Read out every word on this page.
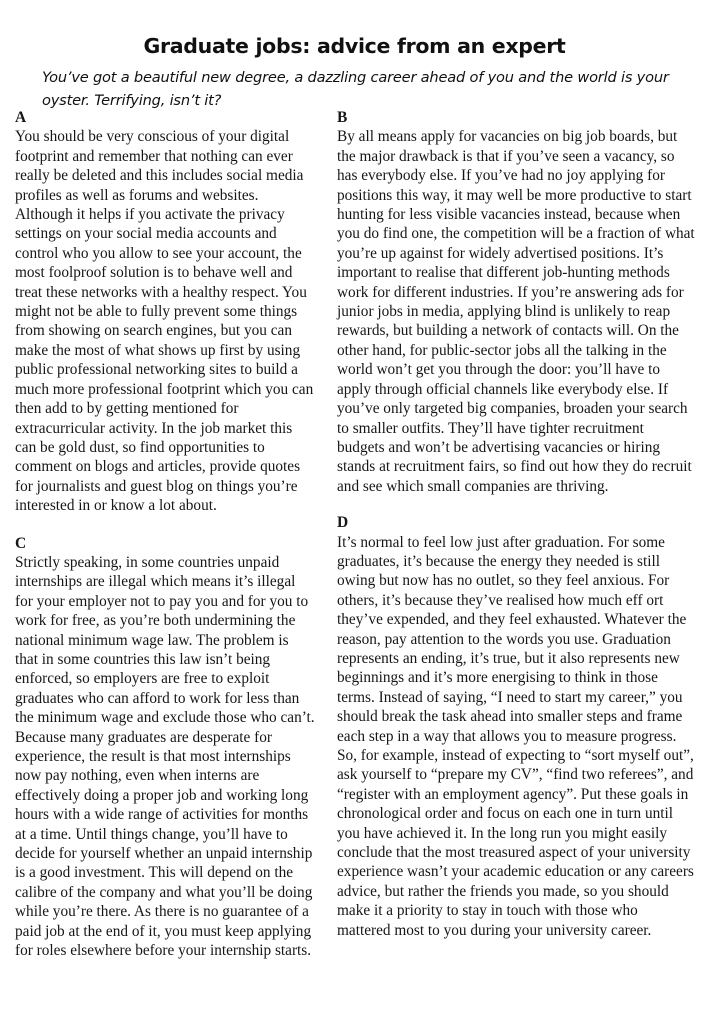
Graduate jobs: advice from an expert

You’ve got a beautiful new degree, a dazzling career ahead of you and the world is your oyster. Terrifying, isn’t it?

A

You should be very conscious of your digital footprint and remember that nothing can ever really be deleted and this includes social media profiles as well as forums and websites. Although it helps if you activate the privacy settings on your social media accounts and control who you allow to see your account, the most foolproof solution is to behave well and treat these networks with a healthy respect. You might not be able to fully prevent some things from showing on search engines, but you can make the most of what shows up first by using public professional networking sites to build a much more professional footprint which you can then add to by getting mentioned for extracurricular activity. In the job market this can be gold dust, so find opportunities to comment on blogs and articles, provide quotes for journalists and guest blog on things you’re interested in or know a lot about.

C

Strictly speaking, in some countries unpaid internships are illegal which means it’s illegal for your employer not to pay you and for you to work for free, as you’re both undermining the national minimum wage law. The problem is that in some countries this law isn’t being enforced, so employers are free to exploit graduates who can afford to work for less than the minimum wage and exclude those who can’t. Because many graduates are desperate for experience, the result is that most internships now pay nothing, even when interns are effectively doing a proper job and working long hours with a wide range of activities for months at a time. Until things change, you’ll have to decide for yourself whether an unpaid internship is a good investment. This will depend on the calibre of the company and what you’ll be doing while you’re there. As there is no guarantee of a paid job at the end of it, you must keep applying for roles elsewhere before your internship starts.

B

By all means apply for vacancies on big job boards, but the major drawback is that if you’ve seen a vacancy, so has everybody else. If you’ve had no joy applying for positions this way, it may well be more productive to start hunting for less visible vacancies instead, because when you do find one, the competition will be a fraction of what you’re up against for widely advertised positions. It’s important to realise that different job-hunting methods work for different industries. If you’re answering ads for junior jobs in media, applying blind is unlikely to reap rewards, but building a network of contacts will. On the other hand, for public-sector jobs all the talking in the world won’t get you through the door: you’ll have to apply through official channels like everybody else. If you’ve only targeted big companies, broaden your search to smaller outfits. They’ll have tighter recruitment budgets and won’t be advertising vacancies or hiring stands at recruitment fairs, so find out how they do recruit and see which small companies are thriving.

D

It’s normal to feel low just after graduation. For some graduates, it’s because the energy they needed is still owing but now has no outlet, so they feel anxious. For others, it’s because they’ve realised how much eff ort they’ve expended, and they feel exhausted. Whatever the reason, pay attention to the words you use. Graduation represents an ending, it’s true, but it also represents new beginnings and it’s more energising to think in those terms. Instead of saying, “I need to start my career,” you should break the task ahead into smaller steps and frame each step in a way that allows you to measure progress. So, for example, instead of expecting to “sort myself out”, ask yourself to “prepare my CV”, “find two referees”, and “register with an employment agency”. Put these goals in chronological order and focus on each one in turn until you have achieved it. In the long run you might easily conclude that the most treasured aspect of your university experience wasn’t your academic education or any careers advice, but rather the friends you made, so you should make it a priority to stay in touch with those who mattered most to you during your university career.
